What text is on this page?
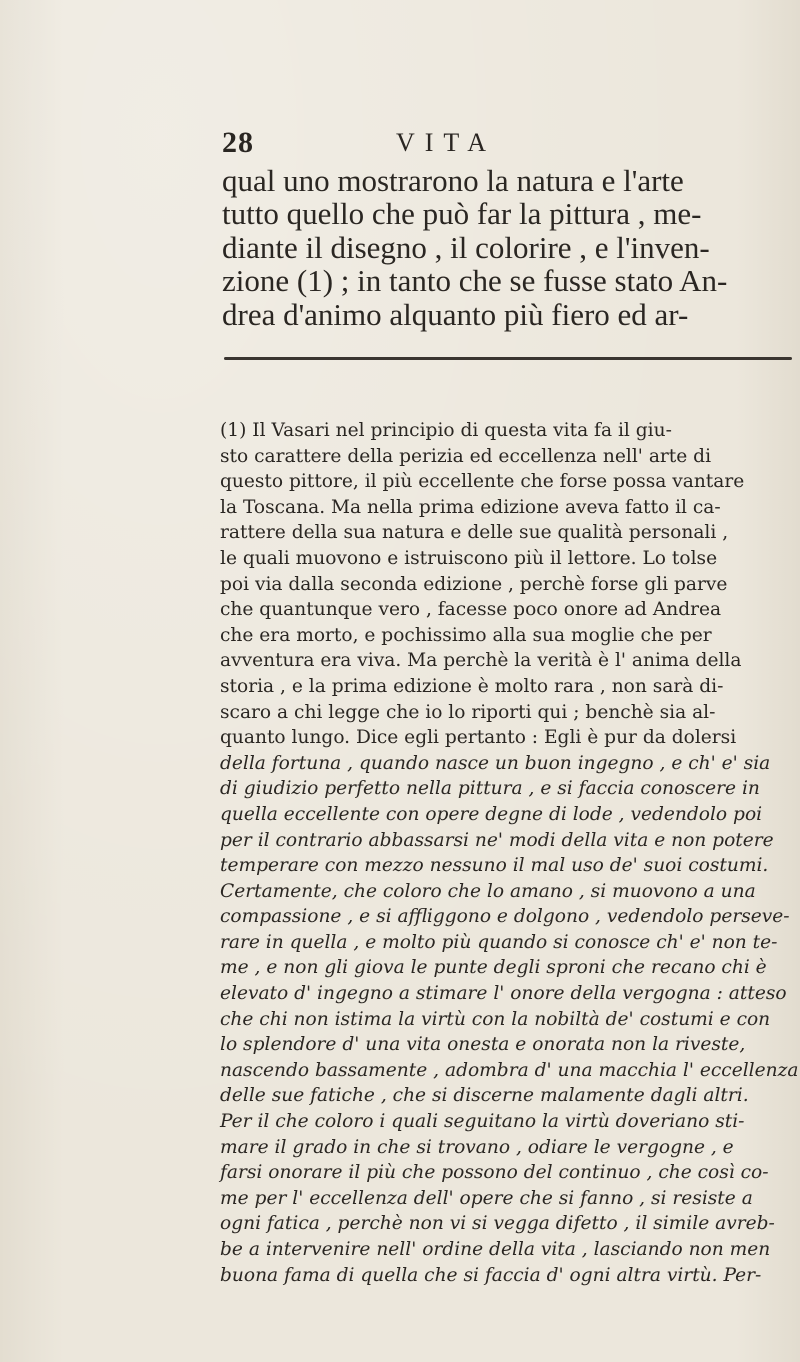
28	VITA
qual uno mostrarono la natura e l'arte
tutto quello che può far la pittura , me-
diante il disegno , il colorire , e l'inven-
zione (1) ; in tanto che se fusse stato An-
drea d'animo alquanto più fiero ed ar-
(1) Il Vasari nel principio di questa vita fa il giu-
sto carattere della perizia ed eccellenza nell' arte di
questo pittore, il più eccellente che forse possa vantare
la Toscana. Ma nella prima edizione aveva fatto il ca-
rattere della sua natura e delle sue qualità personali ,
le quali muovono e istruiscono più il lettore. Lo tolse
poi via dalla seconda edizione , perchè forse gli parve
che quantunque vero , facesse poco onore ad Andrea
che era morto, e pochissimo alla sua moglie che per
avventura era viva. Ma perchè la verità è l' anima della
storia , e la prima edizione è molto rara , non sarà di-
scaro a chi legge che io lo riporti qui ; benchè sia al-
quanto lungo. Dice egli pertanto : Egli è pur da dolersi
della fortuna , quando nasce un buon ingegno , e ch' e' sia
di giudizio perfetto nella pittura , e si faccia conoscere in
quella eccellente con opere degne di lode , vedendolo poi
per il contrario abbassarsi ne' modi della vita e non potere
temperare con mezzo nessuno il mal uso de' suoi costumi.
Certamente, che coloro che lo amano , si muovono a una
compassione , e si affliggono e dolgono , vedendolo perseve-
rare in quella , e molto più quando si conosce ch' e' non te-
me , e non gli giova le punte degli sproni che recano chi è
elevato d' ingegno a stimare l' onore della vergogna : atteso
che chi non istima la virtù con la nobiltà de' costumi e con
lo splendore d' una vita onesta e onorata non la riveste,
nascendo bassamente , adombra d' una macchia l' eccellenza
delle sue fatiche , che si discerne malamente dagli altri.
Per il che coloro i quali seguitano la virtù doveriano sti-
mare il grado in che si trovano , odiare le vergogne , e
farsi onorare il più che possono del continuo , che così co-
me per l' eccellenza dell' opere che si fanno , si resiste a
ogni fatica , perchè non vi si vegga difetto , il simile avreb-
be a intervenire nell' ordine della vita , lasciando non men
buona fama di quella che si faccia d' ogni altra virtù. Per-
